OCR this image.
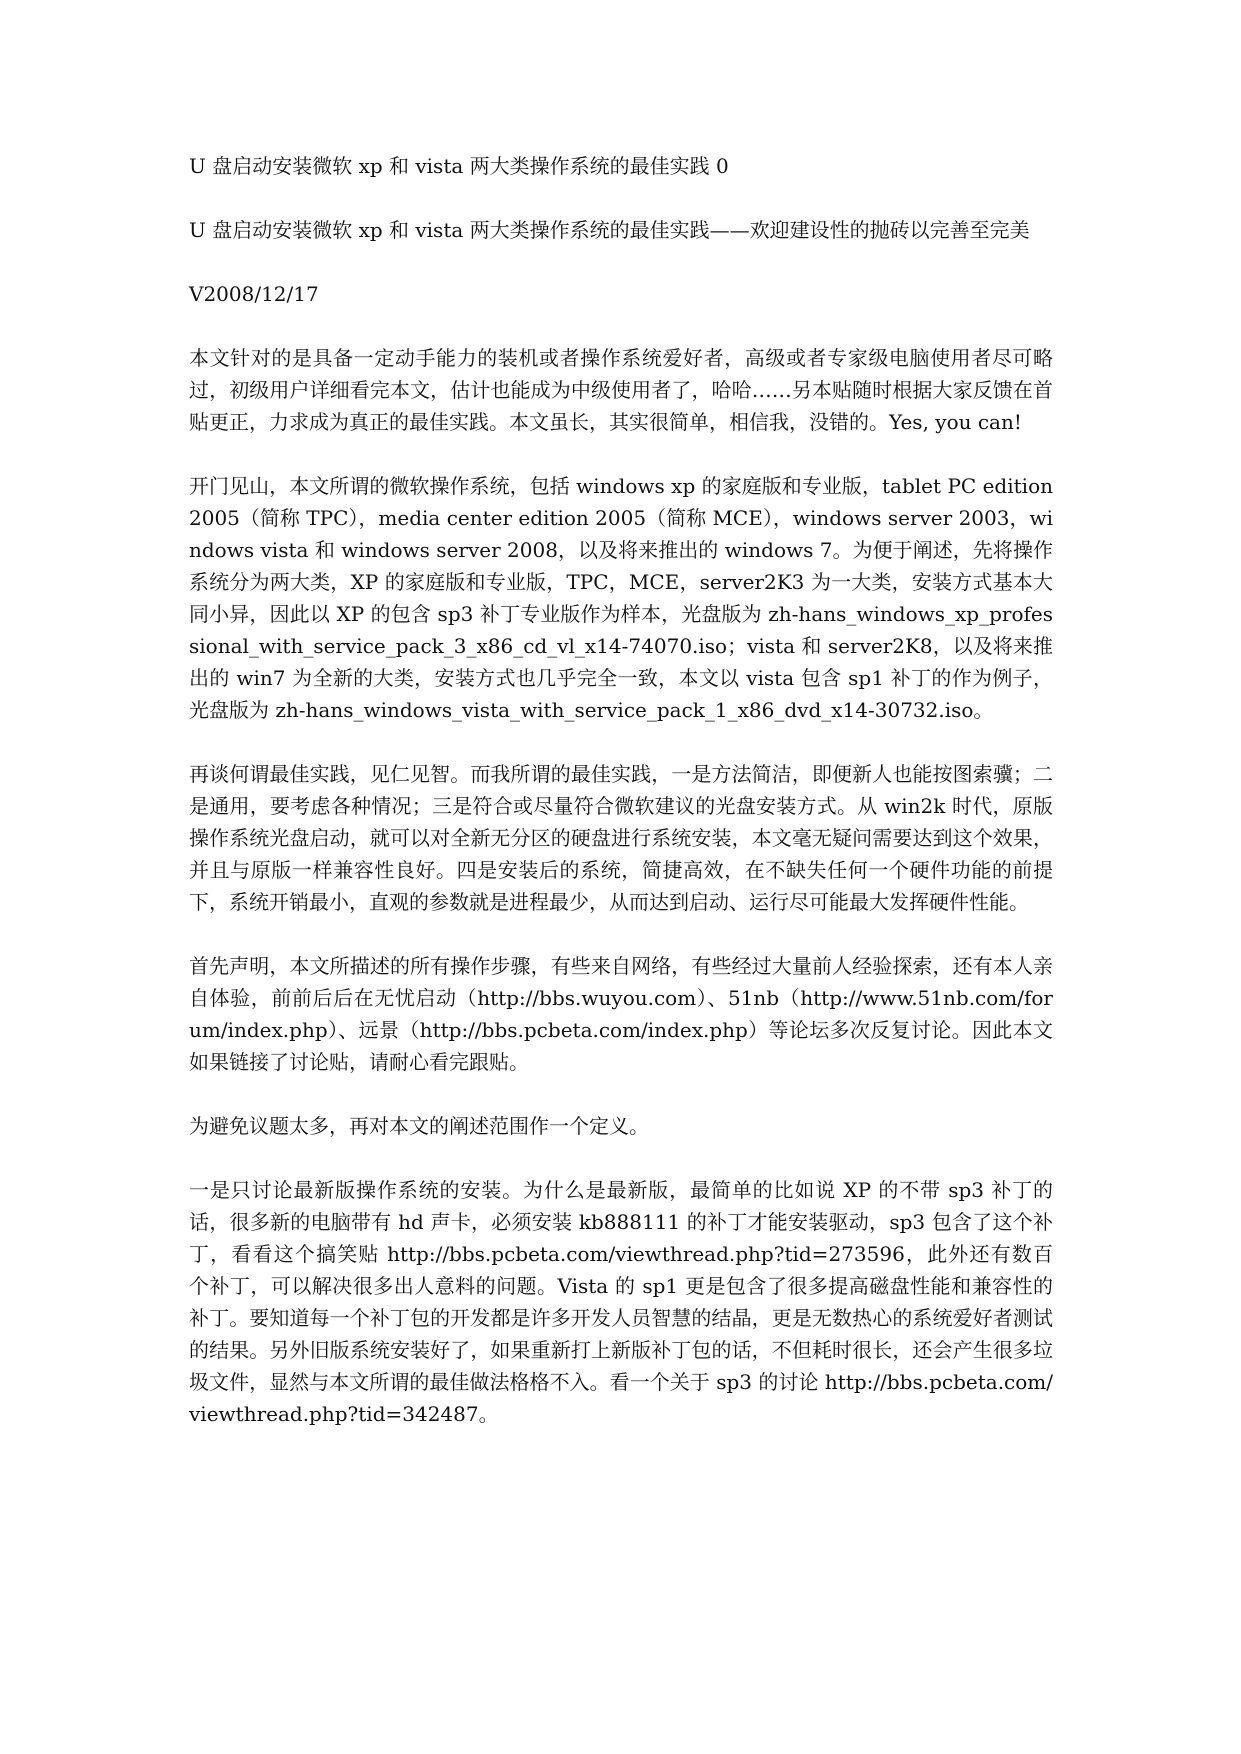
U 盘启动安装微软 xp 和 vista 两大类操作系统的最佳实践 0

U 盘启动安装微软 xp 和 vista 两大类操作系统的最佳实践——欢迎建设性的抛砖以完善至完美

V2008/12/17

本文针对的是具备一定动手能力的装机或者操作系统爱好者，高级或者专家级电脑使用者尽可略过，初级用户详细看完本文，估计也能成为中级使用者了，哈哈……另本贴随时根据大家反馈在首贴更正，力求成为真正的最佳实践。本文虽长，其实很简单，相信我，没错的。Yes, you can!

开门见山，本文所谓的微软操作系统，包括 windows xp 的家庭版和专业版，tablet PC edition 2005（简称 TPC），media center edition 2005（简称 MCE），windows server 2003，windows vista 和 windows server 2008，以及将来推出的 windows 7。为便于阐述，先将操作系统分为两大类，XP 的家庭版和专业版，TPC，MCE，server2K3 为一大类，安装方式基本大同小异，因此以 XP 的包含 sp3 补丁专业版作为样本，光盘版为 zh-hans_windows_xp_professional_with_service_pack_3_x86_cd_vl_x14-74070.iso；vista 和 server2K8，以及将来推出的 win7 为全新的大类，安装方式也几乎完全一致，本文以 vista 包含 sp1 补丁的作为例子，光盘版为 zh-hans_windows_vista_with_service_pack_1_x86_dvd_x14-30732.iso。

再谈何谓最佳实践，见仁见智。而我所谓的最佳实践，一是方法简洁，即便新人也能按图索骥；二是通用，要考虑各种情况；三是符合或尽量符合微软建议的光盘安装方式。从 win2k 时代，原版操作系统光盘启动，就可以对全新无分区的硬盘进行系统安装，本文毫无疑问需要达到这个效果，并且与原版一样兼容性良好。四是安装后的系统，简捷高效，在不缺失任何一个硬件功能的前提下，系统开销最小，直观的参数就是进程最少，从而达到启动、运行尽可能最大发挥硬件性能。

首先声明，本文所描述的所有操作步骤，有些来自网络，有些经过大量前人经验探索，还有本人亲自体验，前前后后在无忧启动（http://bbs.wuyou.com）、51nb（http://www.51nb.com/forum/index.php）、远景（http://bbs.pcbeta.com/index.php）等论坛多次反复讨论。因此本文如果链接了讨论贴，请耐心看完跟贴。

为避免议题太多，再对本文的阐述范围作一个定义。

一是只讨论最新版操作系统的安装。为什么是最新版，最简单的比如说 XP 的不带 sp3 补丁的话，很多新的电脑带有 hd 声卡，必须安装 kb888111 的补丁才能安装驱动，sp3 包含了这个补丁，看看这个搞笑贴 http://bbs.pcbeta.com/viewthread.php?tid=273596，此外还有数百个补丁，可以解决很多出人意料的问题。Vista 的 sp1 更是包含了很多提高磁盘性能和兼容性的补丁。要知道每一个补丁包的开发都是许多开发人员智慧的结晶，更是无数热心的系统爱好者测试的结果。另外旧版系统安装好了，如果重新打上新版补丁包的话，不但耗时很长，还会产生很多垃圾文件，显然与本文所谓的最佳做法格格不入。看一个关于 sp3 的讨论 http://bbs.pcbeta.com/viewthread.php?tid=342487。
